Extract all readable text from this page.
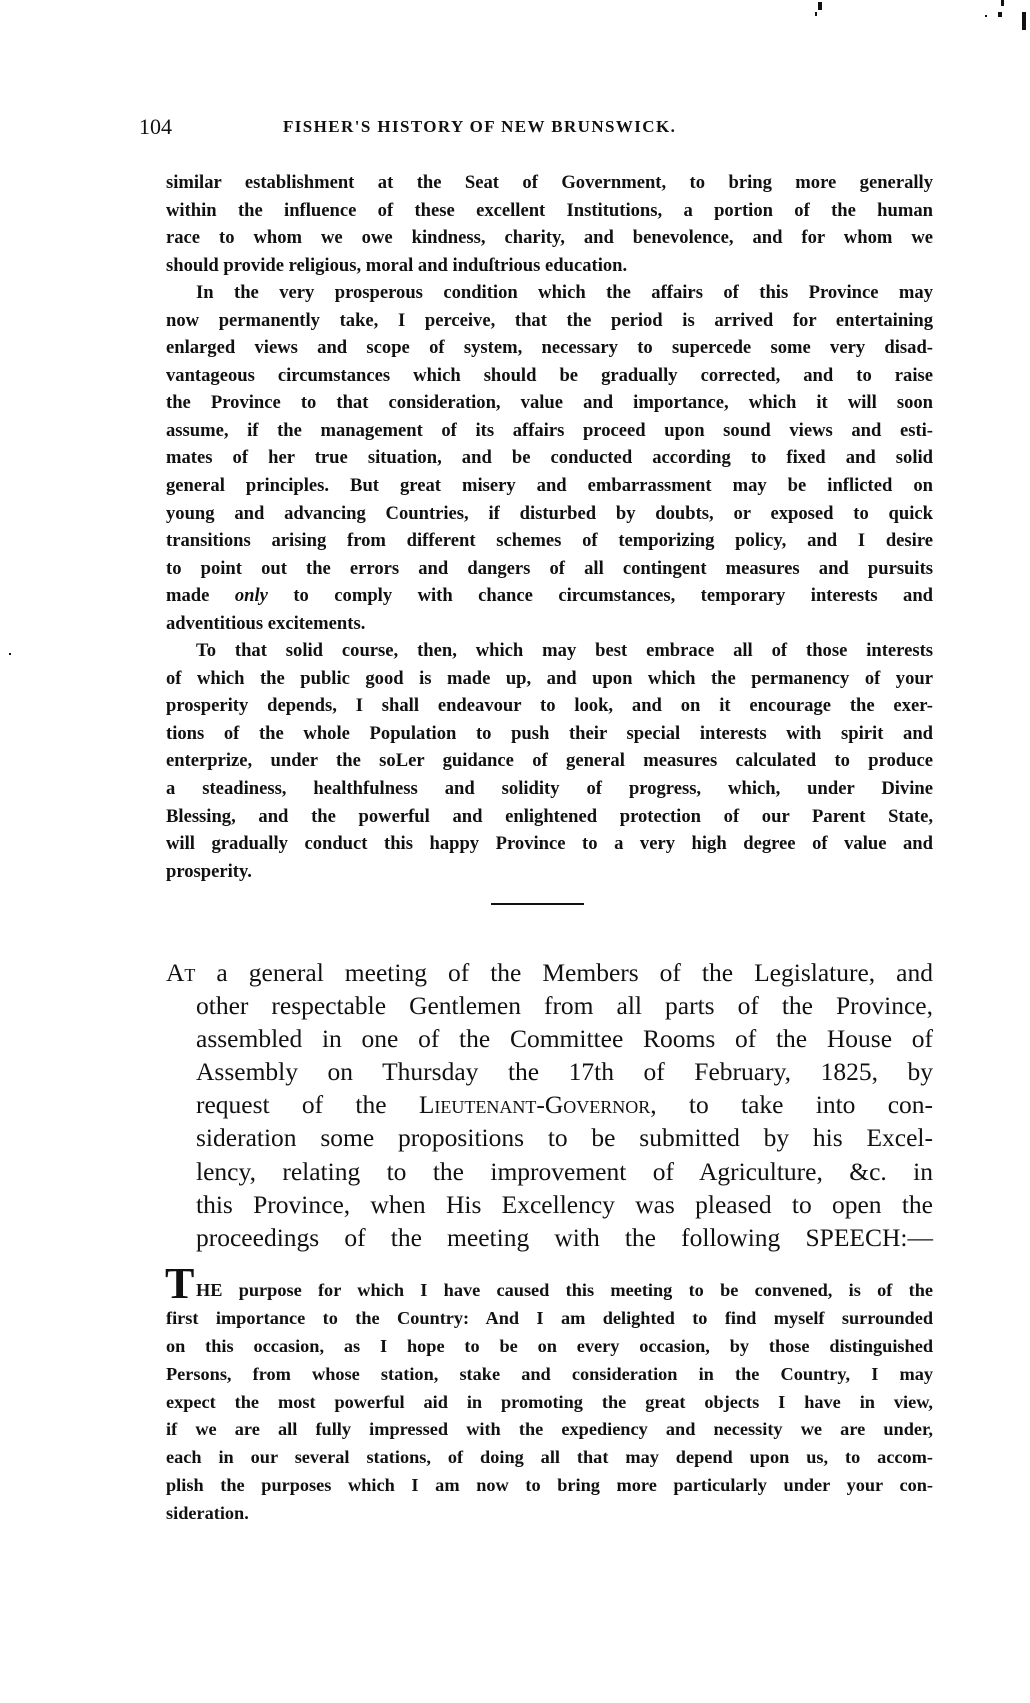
104	FISHER'S HISTORY OF NEW BRUNSWICK.
similar establishment at the Seat of Government, to bring more generally
within the influence of these excellent Institutions, a portion of the human
race to whom we owe kindness, charity, and benevolence, and for whom we
should provide religious, moral and induſtrious education.
In the very prosperous condition which the affairs of this Province may
now permanently take, I perceive, that the period is arrived for entertaining
enlarged views and scope of system, necessary to supercede some very disad-
vantageous circumstances which should be gradually corrected, and to raise
the Province to that consideration, value and importance, which it will soon
assume, if the management of its affairs proceed upon sound views and esti-
mates of her true situation, and be conducted according to fixed and solid
general principles. But great misery and embarrassment may be inflicted on
young and advancing Countries, if disturbed by doubts, or exposed to quick
transitions arising from different schemes of temporizing policy, and I desire
to point out the errors and dangers of all contingent measures and pursuits
made only to comply with chance circumstances, temporary interests and
adventitious excitements.
To that solid course, then, which may best embrace all of those interests
of which the public good is made up, and upon which the permanency of your
prosperity depends, I shall endeavour to look, and on it encourage the exer-
tions of the whole Population to push their special interests with spirit and
enterprize, under the soLer guidance of general measures calculated to produce
a steadiness, healthfulness and solidity of progress, which, under Divine
Blessing, and the powerful and enlightened protection of our Parent State,
will gradually conduct this happy Province to a very high degree of value and
prosperity.
At a general meeting of the Members of the Legislature, and
other respectable Gentlemen from all parts of the Province,
assembled in one of the Committee Rooms of the House of
Assembly on Thursday the 17th of February, 1825, by
request of the Lieutenant-Governor, to take into con-
sideration some propositions to be submitted by his Excel-
lency, relating to the improvement of Agriculture, &c. in
this Province, when His Excellency was pleased to open the
proceedings of the meeting with the following SPEECH:—
T HE purpose for which I have caused this meeting to be convened, is of the
first importance to the Country: And I am delighted to find myself surrounded
on this occasion, as I hope to be on every occasion, by those distinguished
Persons, from whose station, stake and consideration in the Country, I may
expect the most powerful aid in promoting the great objects I have in view,
if we are all fully impressed with the expediency and necessity we are under,
each in our several stations, of doing all that may depend upon us, to accom-
plish the purposes which I am now to bring more particularly under your con-
sideration.
